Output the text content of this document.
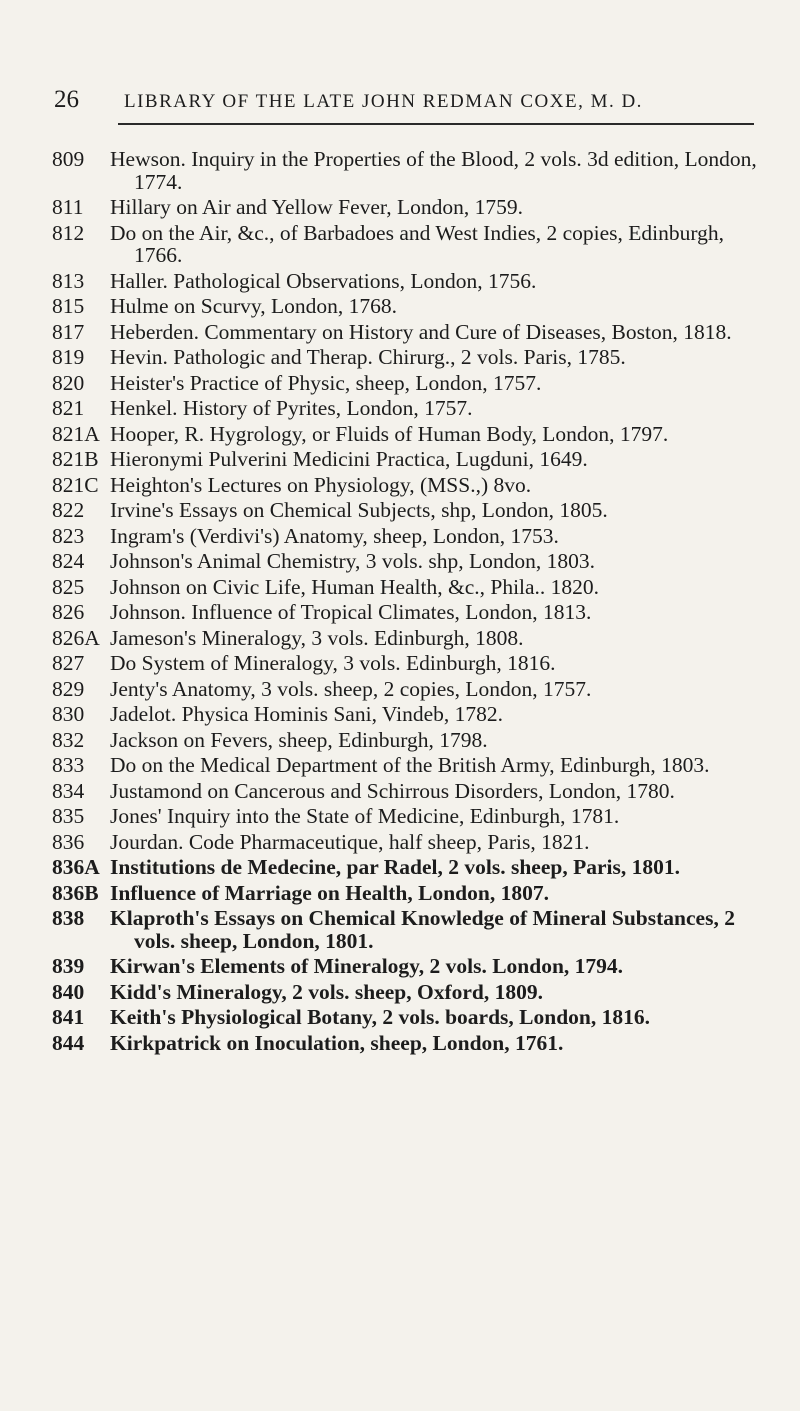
26	LIBRARY OF THE LATE JOHN REDMAN COXE, M. D.
809	Hewson. Inquiry in the Properties of the Blood, 2 vols. 3d edition, London, 1774.
811	Hillary on Air and Yellow Fever, London, 1759.
812	Do on the Air, &c., of Barbadoes and West Indies, 2 copies, Edinburgh, 1766.
813	Haller. Pathological Observations, London, 1756.
815	Hulme on Scurvy, London, 1768.
817	Heberden. Commentary on History and Cure of Diseases, Boston, 1818.
819	Hevin. Pathologic and Therap. Chirurg., 2 vols. Paris, 1785.
820	Heister's Practice of Physic, sheep, London, 1757.
821	Henkel. History of Pyrites, London, 1757.
821A Hooper, R. Hygrology, or Fluids of Human Body, London, 1797.
821B Hieronymi Pulverini Medicini Practica, Lugduni, 1649.
821C Heighton's Lectures on Physiology, (MSS.,) 8vo.
822	Irvine's Essays on Chemical Subjects, shp, London, 1805.
823	Ingram's (Verdivi's) Anatomy, sheep, London, 1753.
824	Johnson's Animal Chemistry, 3 vols. shp, London, 1803.
825	Johnson on Civic Life, Human Health, &c., Phila.. 1820.
826	Johnson. Influence of Tropical Climates, London, 1813.
826A Jameson's Mineralogy, 3 vols. Edinburgh, 1808.
827	Do System of Mineralogy, 3 vols. Edinburgh, 1816.
829	Jenty's Anatomy, 3 vols. sheep, 2 copies, London, 1757.
830	Jadelot. Physica Hominis Sani, Vindeb, 1782.
832	Jackson on Fevers, sheep, Edinburgh, 1798.
833	Do on the Medical Department of the British Army, Edinburgh, 1803.
834	Justamond on Cancerous and Schirrous Disorders, London, 1780.
835	Jones' Inquiry into the State of Medicine, Edinburgh, 1781.
836	Jourdan. Code Pharmaceutique, half sheep, Paris, 1821.
836A Institutions de Medecine, par Radel, 2 vols. sheep, Paris, 1801.
836B Influence of Marriage on Health, London, 1807.
838	Klaproth's Essays on Chemical Knowledge of Mineral Substances, 2 vols. sheep, London, 1801.
839	Kirwan's Elements of Mineralogy, 2 vols. London, 1794.
840	Kidd's Mineralogy, 2 vols. sheep, Oxford, 1809.
841	Keith's Physiological Botany, 2 vols. boards, London, 1816.
844	Kirkpatrick on Inoculation, sheep, London, 1761.
